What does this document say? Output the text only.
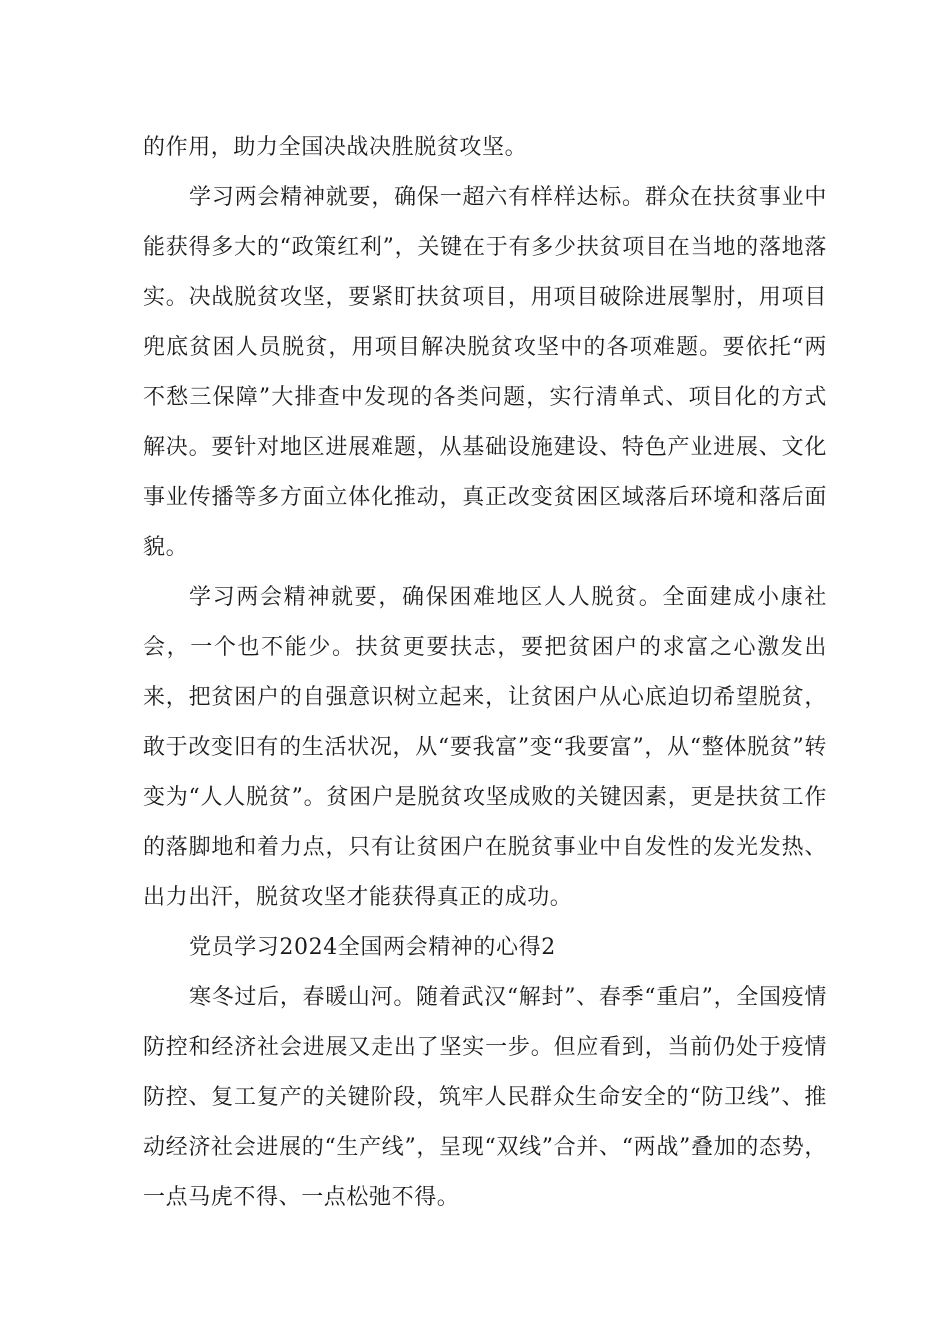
的作用，助力全国决战决胜脱贫攻坚。

学习两会精神就要，确保一超六有样样达标。群众在扶贫事业中能获得多大的“政策红利”，关键在于有多少扶贫项目在当地的落地落实。决战脱贫攻坚，要紧盯扶贫项目，用项目破除进展掣肘，用项目兜底贫困人员脱贫，用项目解决脱贫攻坚中的各项难题。要依托“两不愁三保障”大排查中发现的各类问题，实行清单式、项目化的方式解决。要针对地区进展难题，从基础设施建设、特色产业进展、文化事业传播等多方面立体化推动，真正改变贫困区域落后环境和落后面貌。

学习两会精神就要，确保困难地区人人脱贫。全面建成小康社会，一个也不能少。扶贫更要扶志，要把贫困户的求富之心激发出来，把贫困户的自强意识树立起来，让贫困户从心底迫切希望脱贫，敢于改变旧有的生活状况，从“要我富”变“我要富”，从“整体脱贫”转变为“人人脱贫”。贫困户是脱贫攻坚成败的关键因素，更是扶贫工作的落脚地和着力点，只有让贫困户在脱贫事业中自发性的发光发热、出力出汗，脱贫攻坚才能获得真正的成功。

党员学习2024全国两会精神的心得2

寒冬过后，春暖山河。随着武汉“解封”、春季“重启”，全国疫情防控和经济社会进展又走出了坚实一步。但应看到，当前仍处于疫情防控、复工复产的关键阶段，筑牢人民群众生命安全的“防卫线”、推动经济社会进展的“生产线”，呈现“双线”合并、“两战”叠加的态势，一点马虎不得、一点松弛不得。
